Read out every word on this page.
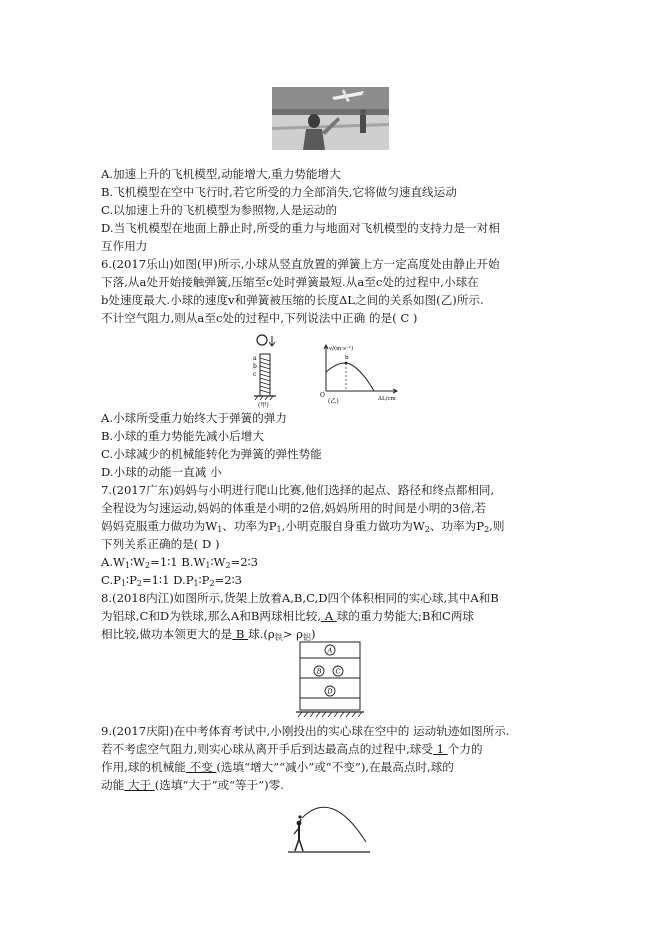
A.加速上升的飞机模型,动能增大,重力势能增大
B.飞机模型在空中飞行时,若它所受的力全部消失,它将做匀速直线运动
C.以加速上升的飞机模型为参照物,人是运动的
D.当飞机模型在地面上静止时,所受的重力与地面对飞机模型的支持力是一对相
互作用力
6.(2017乐山)如图(甲)所示,小球从竖直放置的弹簧上方一定高度处由静止开始
下落,从a处开始接触弹簧,压缩至c处时弹簧最短.从a至c处的过程中,小球在
b处速度最大.小球的速度v和弹簧被压缩的长度ΔL之间的关系如图(乙)所示.
不计空气阻力,则从a至c处的过程中,下列说法中正确 的是( C )
a
b
c
(甲)
v/(m·s⁻¹)
ΔL/cm
O
b
(乙)
A.小球所受重力始终大于弹簧的弹力
B.小球的重力势能先减小后增大
C.小球减少的机械能转化为弹簧的弹性势能
D.小球的动能一直减 小
7.(2017广东)妈妈与小明进行爬山比赛,他们选择的起点、路径和终点都相同,
全程设为匀速运动,妈妈的体重是小明的2倍,妈妈所用的时间是小明的3倍,若
妈妈克服重力做功为$W_1$、功率为$P_1$,小明克服自身重力做功为$W_2$、功率为$P_2$,则
下列关系正确的是( D )
$A.W_1∶W_2=1∶1$ $B.W_1∶W_2=2∶3$
$C.P_1∶P_2=1∶1$ $D.P_1∶P_2=2∶3$
8.(2018内江)如图所示,货架上放着A,B,C,D四个体积相同的实心球,其中A和B
为铝球,C和D为铁球,那么A和B两球相比较, A 球的重力势能大;B和C两球
相比较,做功本领更大的是 B 球$.(\rho_铁> \rho_铝)$
A
B C
D
9.(2017庆阳)在中考体育考试中,小刚投出的实心球在空中的 运动轨迹如图所示.
若不考虑空气阻力,则实心球从离开手后到达最高点的过程中,球受 1 个力的
作用,球的机械能 不变 (选填“增大”“减小”或“不变”),在最高点时,球的
动能 大于 (选填“大于”或“等于”)零.
